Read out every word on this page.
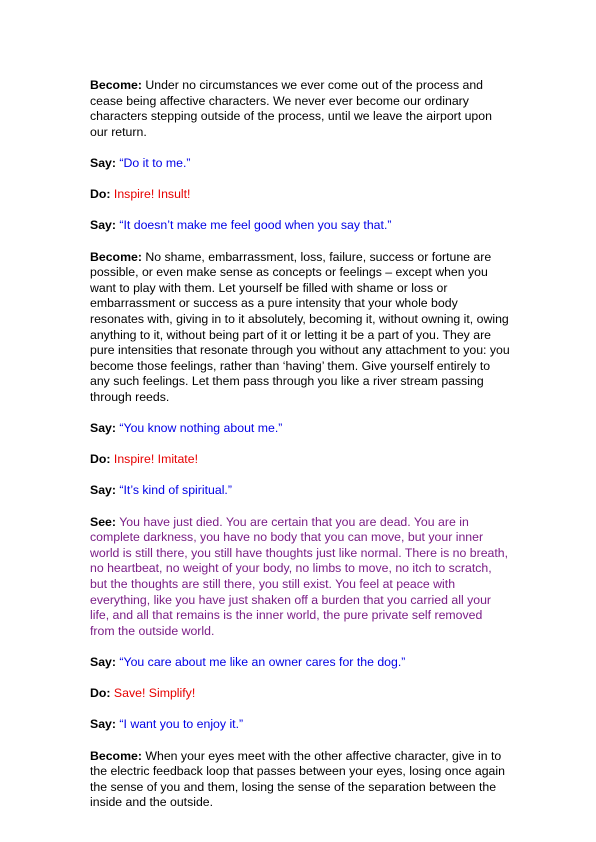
Become: Under no circumstances we ever come out of the process and cease being affective characters. We never ever become our ordinary characters stepping outside of the process, until we leave the airport upon our return.

Say: “Do it to me.”

Do: Inspire! Insult!

Say: “It doesn’t make me feel good when you say that.”

Become: No shame, embarrassment, loss, failure, success or fortune are possible, or even make sense as concepts or feelings – except when you want to play with them. Let yourself be filled with shame or loss or embarrassment or success as a pure intensity that your whole body resonates with, giving in to it absolutely, becoming it, without owning it, owing anything to it, without being part of it or letting it be a part of you. They are pure intensities that resonate through you without any attachment to you: you become those feelings, rather than ‘having’ them. Give yourself entirely to any such feelings. Let them pass through you like a river stream passing through reeds.

Say: “You know nothing about me.”

Do: Inspire! Imitate!

Say: “It’s kind of spiritual.”

See: You have just died. You are certain that you are dead. You are in complete darkness, you have no body that you can move, but your inner world is still there, you still have thoughts just like normal. There is no breath, no heartbeat, no weight of your body, no limbs to move, no itch to scratch, but the thoughts are still there, you still exist. You feel at peace with everything, like you have just shaken off a burden that you carried all your life, and all that remains is the inner world, the pure private self removed from the outside world.

Say: “You care about me like an owner cares for the dog.”

Do: Save! Simplify!

Say: “I want you to enjoy it.”

Become: When your eyes meet with the other affective character, give in to the electric feedback loop that passes between your eyes, losing once again the sense of you and them, losing the sense of the separation between the inside and the outside.
